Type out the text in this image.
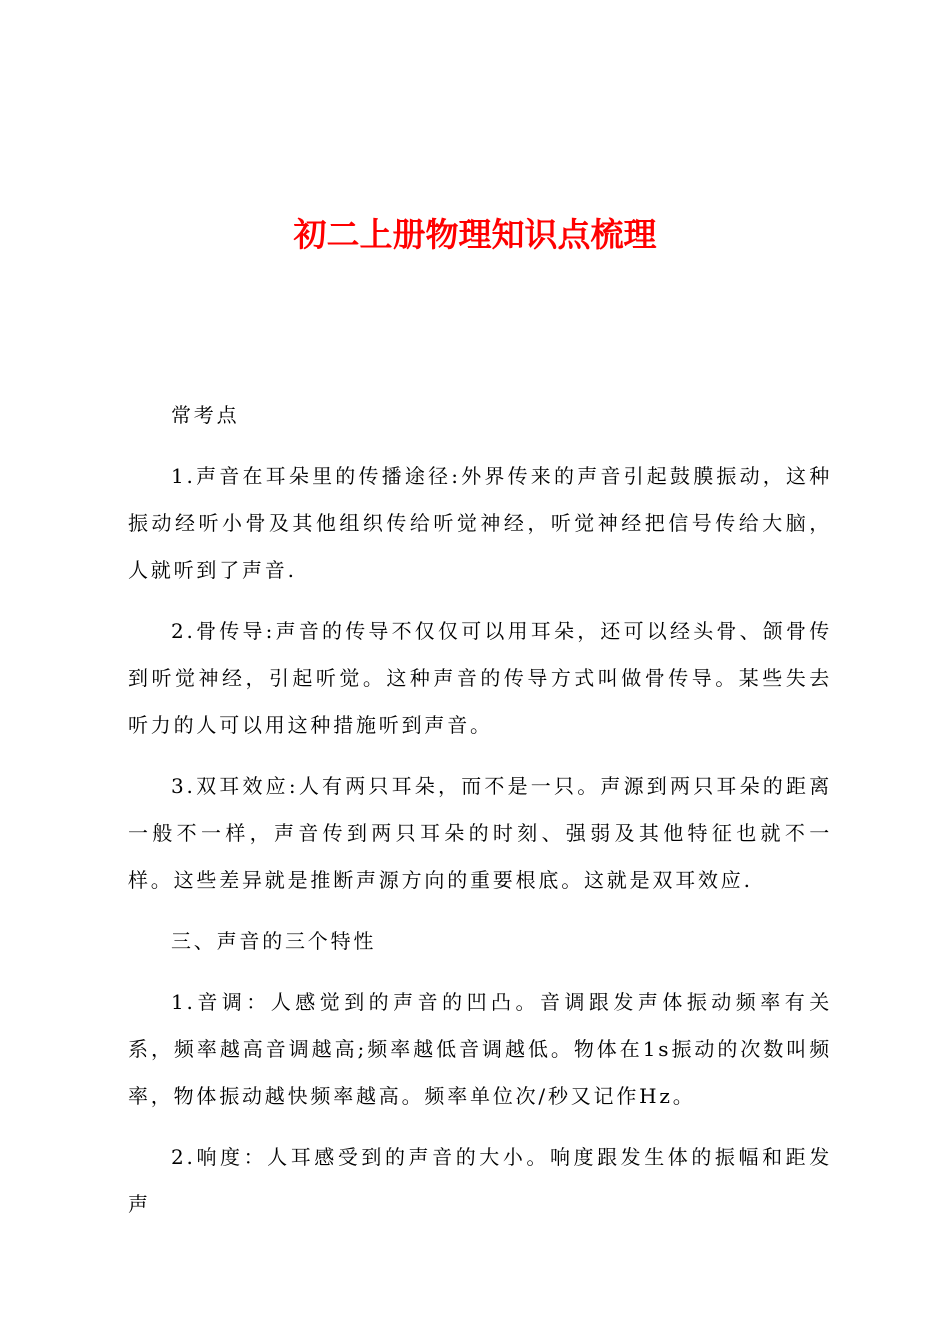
初二上册物理知识点梳理

常考点

1.声音在耳朵里的传播途径:外界传来的声音引起鼓膜振动，这种振动经听小骨及其他组织传给听觉神经，听觉神经把信号传给大脑，人就听到了声音.

2.骨传导:声音的传导不仅仅可以用耳朵，还可以经头骨、颌骨传到听觉神经，引起听觉。这种声音的传导方式叫做骨传导。某些失去听力的人可以用这种措施听到声音。

3.双耳效应:人有两只耳朵，而不是一只。声源到两只耳朵的距离一般不一样，声音传到两只耳朵的时刻、强弱及其他特征也就不一样。这些差异就是推断声源方向的重要根底。这就是双耳效应.

三、声音的三个特性

1.音调：人感觉到的声音的凹凸。音调跟发声体振动频率有关系，频率越高音调越高;频率越低音调越低。物体在1s振动的次数叫频率，物体振动越快频率越高。频率单位次/秒又记作Hz。

2.响度：人耳感受到的声音的大小。响度跟发生体的振幅和距发声
